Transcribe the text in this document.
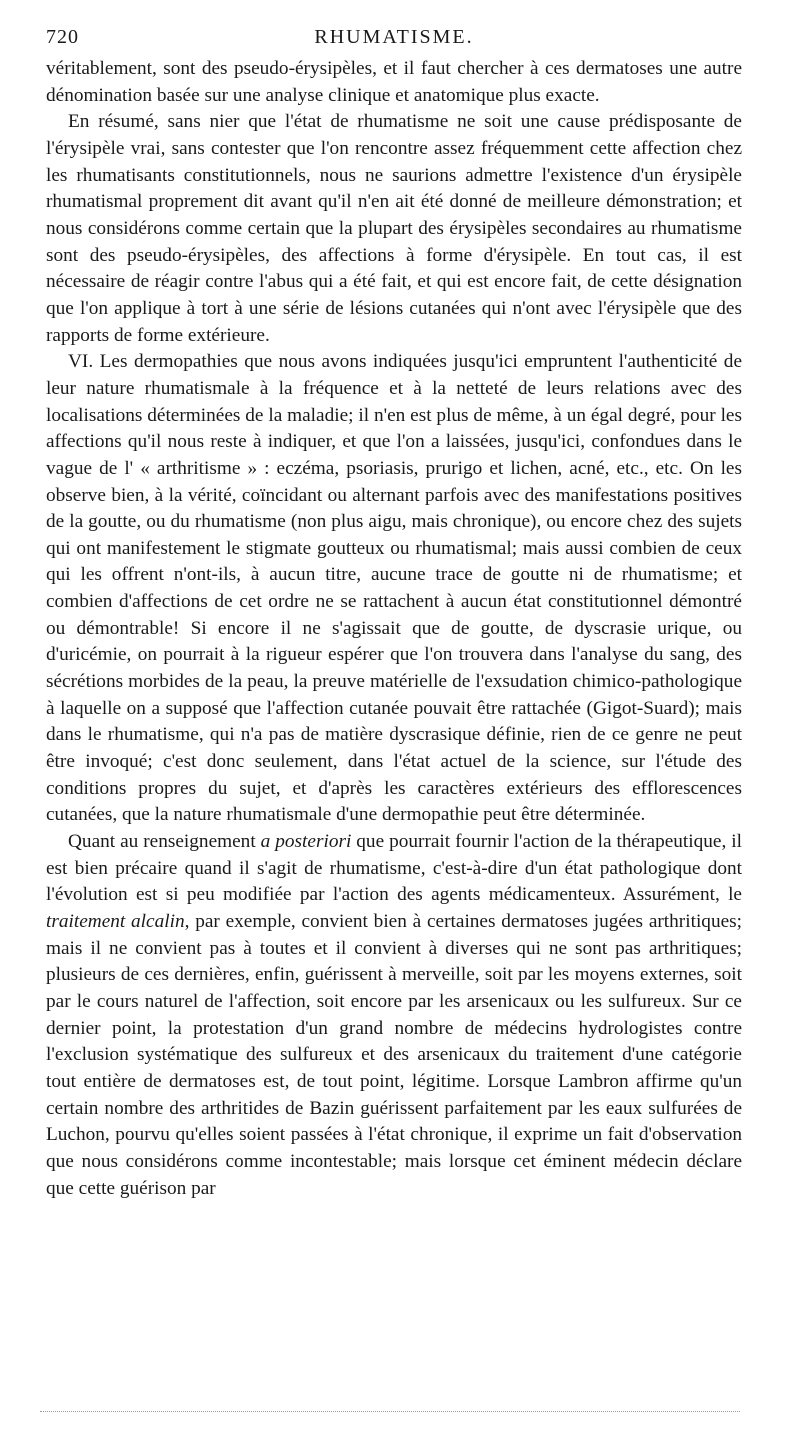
720	RHUMATISME.

véritablement, sont des pseudo-érysipèles, et il faut chercher à ces dermatoses une autre dénomination basée sur une analyse clinique et anatomique plus exacte.

En résumé, sans nier que l'état de rhumatisme ne soit une cause prédisposante de l'érysipèle vrai, sans contester que l'on rencontre assez fréquemment cette affection chez les rhumatisants constitutionnels, nous ne saurions admettre l'existence d'un érysipèle rhumatismal proprement dit avant qu'il n'en ait été donné de meilleure démonstration; et nous considérons comme certain que la plupart des érysipèles secondaires au rhumatisme sont des pseudo-érysipèles, des affections à forme d'érysipèle. En tout cas, il est nécessaire de réagir contre l'abus qui a été fait, et qui est encore fait, de cette désignation que l'on applique à tort à une série de lésions cutanées qui n'ont avec l'érysipèle que des rapports de forme extérieure.

VI. Les dermopathies que nous avons indiquées jusqu'ici empruntent l'authenticité de leur nature rhumatismale à la fréquence et à la netteté de leurs relations avec des localisations déterminées de la maladie; il n'en est plus de même, à un égal degré, pour les affections qu'il nous reste à indiquer, et que l'on a laissées, jusqu'ici, confondues dans le vague de l' « arthritisme » : eczéma, psoriasis, prurigo et lichen, acné, etc., etc. On les observe bien, à la vérité, coïncidant ou alternant parfois avec des manifestations positives de la goutte, ou du rhumatisme (non plus aigu, mais chronique), ou encore chez des sujets qui ont manifestement le stigmate goutteux ou rhumatismal; mais aussi combien de ceux qui les offrent n'ont-ils, à aucun titre, aucune trace de goutte ni de rhumatisme; et combien d'affections de cet ordre ne se rattachent à aucun état constitutionnel démontré ou démontrable! Si encore il ne s'agissait que de goutte, de dyscrasie urique, ou d'uricémie, on pourrait à la rigueur espérer que l'on trouvera dans l'analyse du sang, des sécrétions morbides de la peau, la preuve matérielle de l'exsudation chimico-pathologique à laquelle on a supposé que l'affection cutanée pouvait être rattachée (Gigot-Suard); mais dans le rhumatisme, qui n'a pas de matière dyscrasique définie, rien de ce genre ne peut être invoqué; c'est donc seulement, dans l'état actuel de la science, sur l'étude des conditions propres du sujet, et d'après les caractères extérieurs des efflorescences cutanées, que la nature rhumatismale d'une dermopathie peut être déterminée.

Quant au renseignement a posteriori que pourrait fournir l'action de la thérapeutique, il est bien précaire quand il s'agit de rhumatisme, c'est-à-dire d'un état pathologique dont l'évolution est si peu modifiée par l'action des agents médicamenteux. Assurément, le traitement alcalin, par exemple, convient bien à certaines dermatoses jugées arthritiques; mais il ne convient pas à toutes et il convient à diverses qui ne sont pas arthritiques; plusieurs de ces dernières, enfin, guérissent à merveille, soit par les moyens externes, soit par le cours naturel de l'affection, soit encore par les arsenicaux ou les sulfureux. Sur ce dernier point, la protestation d'un grand nombre de médecins hydrologistes contre l'exclusion systématique des sulfureux et des arsenicaux du traitement d'une catégorie tout entière de dermatoses est, de tout point, légitime. Lorsque Lambron affirme qu'un certain nombre des arthritides de Bazin guérissent parfaitement par les eaux sulfurées de Luchon, pourvu qu'elles soient passées à l'état chronique, il exprime un fait d'observation que nous considérons comme incontestable; mais lorsque cet éminent médecin déclare que cette guérison par
